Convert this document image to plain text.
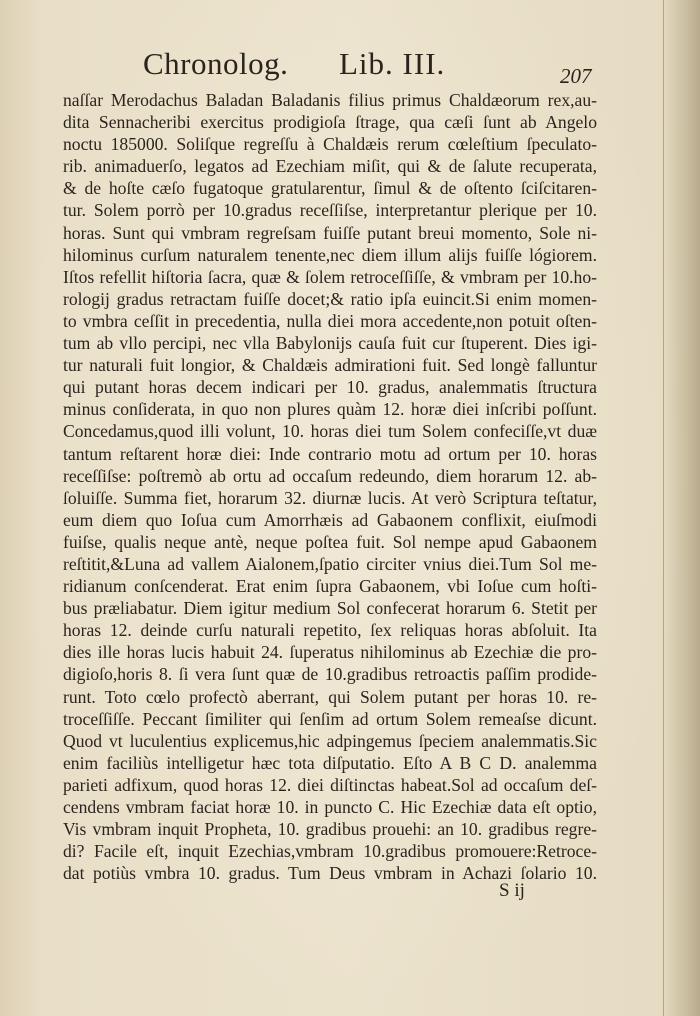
Chronolog. Lib. III.	207
naſſar Merodachus Baladan Baladanis filius primus Chaldæorum rex,au-
dita Sennacheribi exercitus prodigioſa ſtrage, qua cæſi ſunt ab Angelo
noctu 185000. Soliſque regreſſu à Chaldæis rerum cœleſtium ſpeculato-
rib. animaduerſo, legatos ad Ezechiam miſit, qui & de ſalute recuperata,
& de hoſte cæſo fugatoque gratularentur, ſimul & de oſtento ſciſcitaren-
tur. Solem porrò per 10.gradus receſſiſse, interpretantur plerique per 10.
horas. Sunt qui vmbram regreſsam fuiſſe putant breui momento, Sole ni-
hilominus curſum naturalem tenente,nec diem illum alijs fuiſſe lógiorem.
Iſtos refellit hiſtoria ſacra, quæ & ſolem retroceſſiſſe, & vmbram per 10.ho-
rologij gradus retractam fuiſſe docet;& ratio ipſa euincit.Si enim momen-
to vmbra ceſſit in precedentia, nulla diei mora accedente,non potuit oſten-
tum ab vllo percipi, nec vlla Babylonijs cauſa fuit cur ſtuperent. Dies igi-
tur naturali fuit longior, & Chaldæis admirationi fuit. Sed longè falluntur
qui putant horas decem indicari per 10. gradus, analemmatis ſtructura
minus conſiderata, in quo non plures quàm 12. horæ diei inſcribi poſſunt.
Concedamus,quod illi volunt, 10. horas diei tum Solem confeciſſe,vt duæ
tantum reſtarent horæ diei: Inde contrario motu ad ortum per 10. horas
receſſiſse: poſtremò ab ortu ad occaſum redeundo, diem horarum 12. ab-
ſoluiſſe. Summa fiet, horarum 32. diurnæ lucis. At verò Scriptura teſtatur,
eum diem quo Ioſua cum Amorrhæis ad Gabaonem conflixit, eiuſmodi
fuiſse, qualis neque antè, neque poſtea fuit. Sol nempe apud Gabaonem
reſtitit,&Luna ad vallem Aialonem,ſpatio circiter vnius diei.Tum Sol me-
ridianum conſcenderat. Erat enim ſupra Gabaonem, vbi Ioſue cum hoſti-
bus præliabatur. Diem igitur medium Sol confecerat horarum 6. Stetit per
horas 12. deinde curſu naturali repetito, ſex reliquas horas abſoluit. Ita
dies ille horas lucis habuit 24. ſuperatus nihilominus ab Ezechiæ die pro-
digioſo,horis 8. ſi vera ſunt quæ de 10.gradibus retroactis paſſim prodide-
runt. Toto cœlo profectò aberrant, qui Solem putant per horas 10. re-
troceſſiſſe. Peccant ſimiliter qui ſenſim ad ortum Solem remeaſse dicunt.
Quod vt luculentius explicemus,hic adpingemus ſpeciem analemmatis.Sic
enim faciliùs intelligetur hæc tota diſputatio. Eſto A B C D. analemma
parieti adfixum, quod horas 12. diei diſtinctas habeat.Sol ad occaſum deſ-
cendens vmbram faciat horæ 10. in puncto C. Hic Ezechiæ data eſt optio,
Vis vmbram inquit Propheta, 10. gradibus prouehi: an 10. gradibus regre-
di? Facile eſt, inquit Ezechias,vmbram 10.gradibus promouere:Retroce-
dat potiùs vmbra 10. gradus. Tum Deus vmbram in Achazi ſolario 10.
S ij
